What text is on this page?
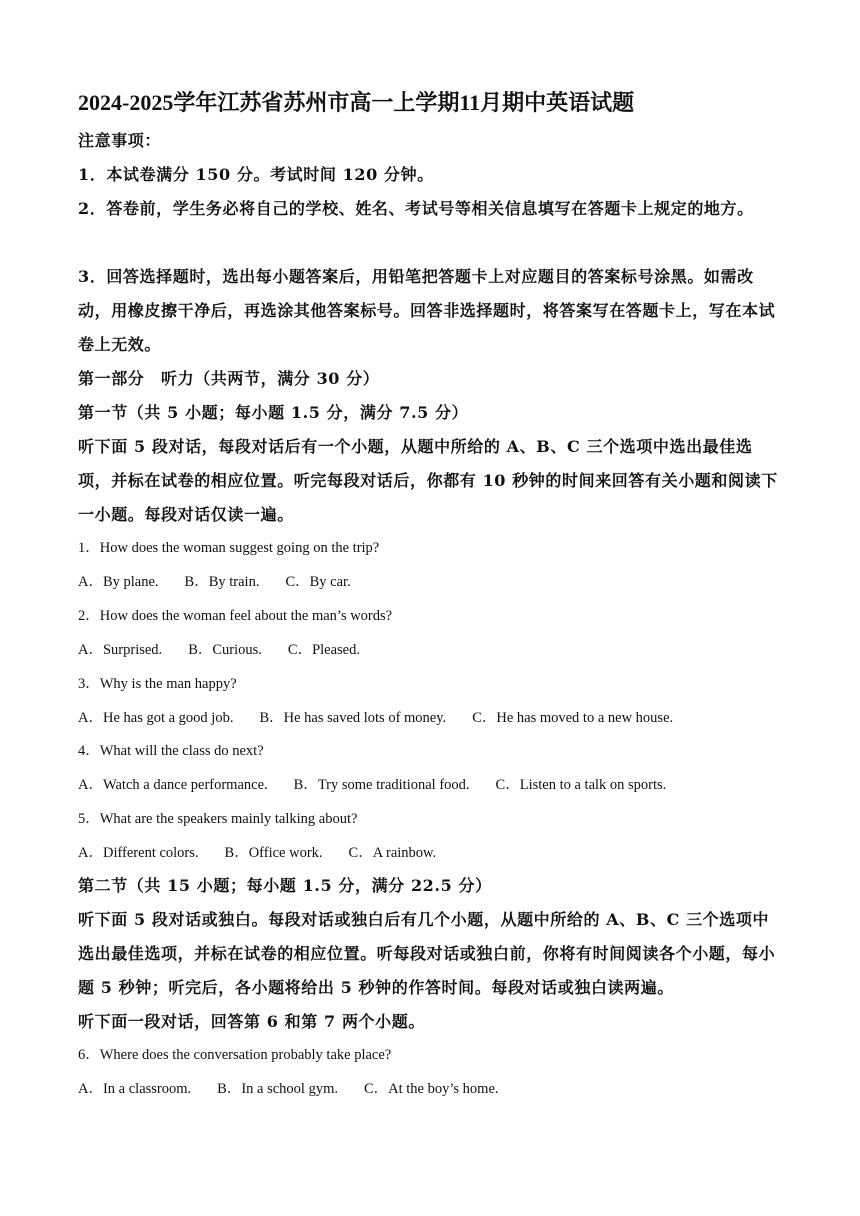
2024-2025学年江苏省苏州市高一上学期11月期中英语试题
注意事项：
1．本试卷满分 150 分。考试时间 120 分钟。
2．答卷前，学生务必将自己的学校、姓名、考试号等相关信息填写在答题卡上规定的地方。
3．回答选择题时，选出每小题答案后，用铅笔把答题卡上对应题目的答案标号涂黑。如需改动，用橡皮擦干净后，再选涂其他答案标号。回答非选择题时，将答案写在答题卡上，写在本试卷上无效。
第一部分　听力（共两节，满分 30 分）
第一节（共 5 小题；每小题 1.5 分，满分 7.5 分）
听下面 5 段对话，每段对话后有一个小题，从题中所给的 A、B、C 三个选项中选出最佳选项，并标在试卷的相应位置。听完每段对话后，你都有 10 秒钟的时间来回答有关小题和阅读下一小题。每段对话仅读一遍。
1．How does the woman suggest going on the trip?
A．By plane. B．By train. C．By car.
2．How does the woman feel about the man’s words?
A．Surprised. B．Curious. C．Pleased.
3．Why is the man happy?
A．He has got a good job. B．He has saved lots of money. C．He has moved to a new house.
4．What will the class do next?
A．Watch a dance performance. B．Try some traditional food. C．Listen to a talk on sports.
5．What are the speakers mainly talking about?
A．Different colors. B．Office work. C．A rainbow.
第二节（共 15 小题；每小题 1.5 分，满分 22.5 分）
听下面 5 段对话或独白。每段对话或独白后有几个小题，从题中所给的 A、B、C 三个选项中选出最佳选项，并标在试卷的相应位置。听每段对话或独白前，你将有时间阅读各个小题，每小题 5 秒钟；听完后，各小题将给出 5 秒钟的作答时间。每段对话或独白读两遍。
听下面一段对话，回答第 6 和第 7 两个小题。
6．Where does the conversation probably take place?
A．In a classroom. B．In a school gym. C．At the boy’s home.
